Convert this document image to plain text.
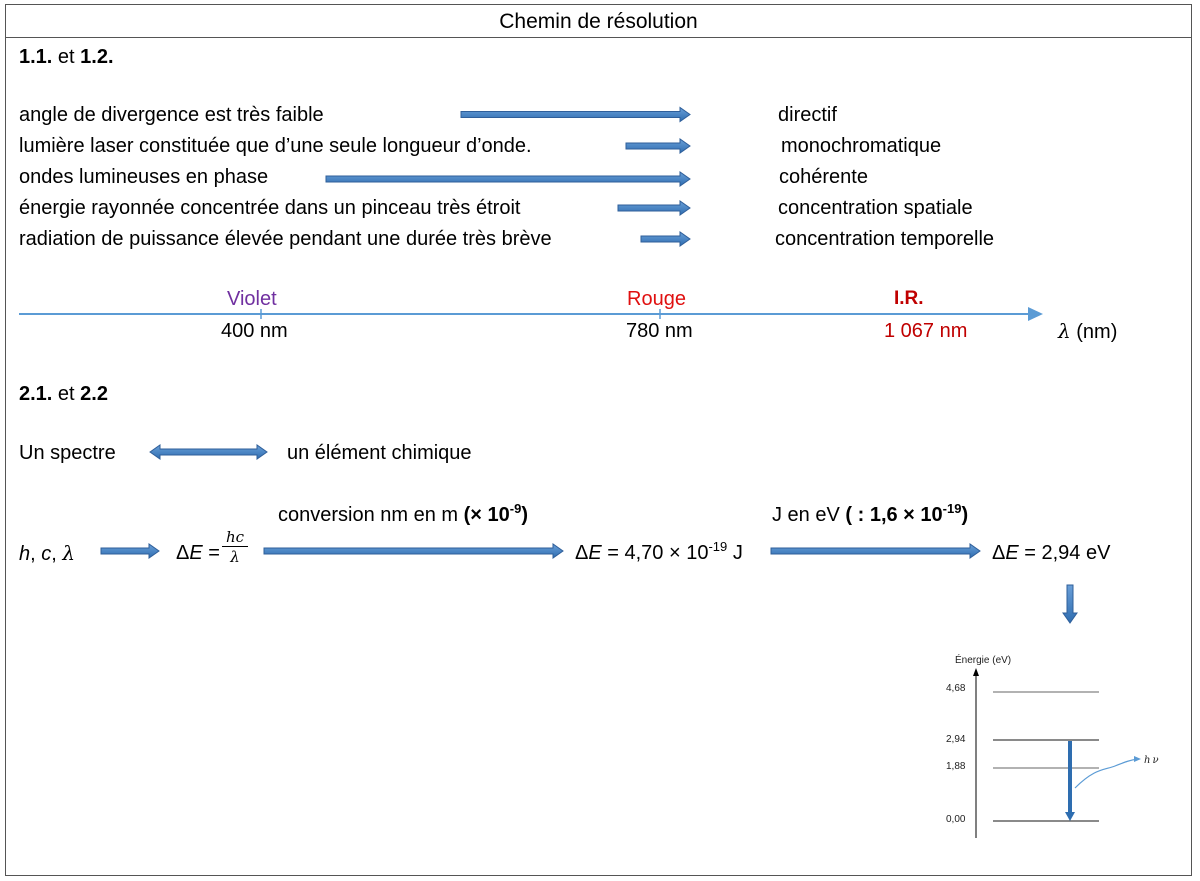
Chemin de résolution
1.1. et 1.2.
angle de divergence est très faible	directif
lumière laser constituée que d’une seule longueur d’onde.	monochromatique
ondes lumineuses en phase	cohérente
énergie rayonnée concentrée dans un pinceau très étroit	concentration spatiale
radiation de puissance élevée pendant une durée très brève	concentration temporelle
Violet	Rouge	I.R.
400 nm	780 nm	1 067 nm	λ (nm)
2.1. et 2.2
Un spectre	un élément chimique
conversion nm en m (× $10^{-9}$)	J en eV ( : $1,6 \times 10^{-19}$)
h, c, λ	$\Delta E = \frac{hc}{\lambda}$	$\Delta E = 4,70 \times 10^{-19}$ J	ΔE = 2,94 eV
Énergie (eV)
4,68
2,94
1,88
0,00
h ν
